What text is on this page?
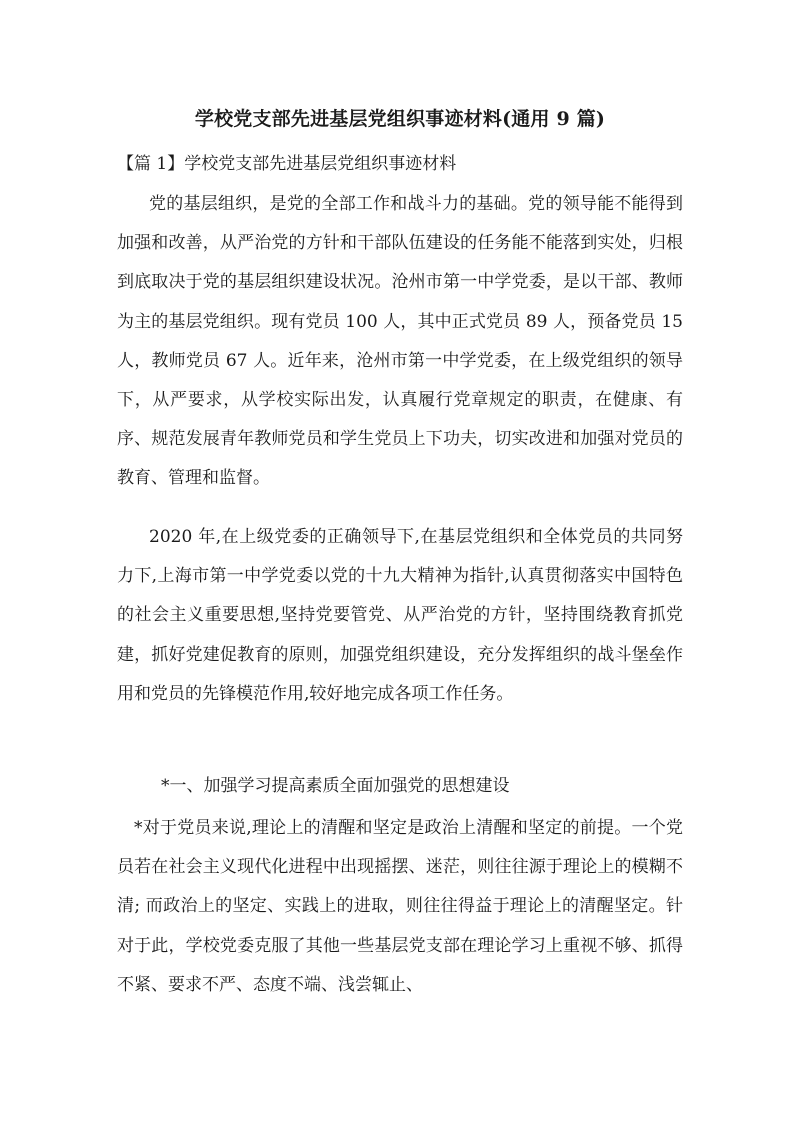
学校党支部先进基层党组织事迹材料(通用 9 篇)

【篇 1】学校党支部先进基层党组织事迹材料

党的基层组织，是党的全部工作和战斗力的基础。党的领导能不能得到加强和改善，从严治党的方针和干部队伍建设的任务能不能落到实处，归根到底取决于党的基层组织建设状况。沧州市第一中学党委，是以干部、教师为主的基层党组织。现有党员 100 人，其中正式党员 89 人，预备党员 15 人，教师党员 67 人。近年来，沧州市第一中学党委，在上级党组织的领导下，从严要求，从学校实际出发，认真履行党章规定的职责，在健康、有序、规范发展青年教师党员和学生党员上下功夫，切实改进和加强对党员的教育、管理和监督。

2020 年,在上级党委的正确领导下,在基层党组织和全体党员的共同努力下,上海市第一中学党委以党的十九大精神为指针,认真贯彻落实中国特色的社会主义重要思想,坚持党要管党、从严治党的方针，坚持围绕教育抓党建，抓好党建促教育的原则，加强党组织建设，充分发挥组织的战斗堡垒作用和党员的先锋模范作用,较好地完成各项工作任务。

*一、加强学习提高素质全面加强党的思想建设

*对于党员来说,理论上的清醒和坚定是政治上清醒和坚定的前提。一个党员若在社会主义现代化进程中出现摇摆、迷茫，则往往源于理论上的模糊不清; 而政治上的坚定、实践上的进取，则往往得益于理论上的清醒坚定。针对于此，学校党委克服了其他一些基层党支部在理论学习上重视不够、抓得不紧、要求不严、态度不端、浅尝辄止、
